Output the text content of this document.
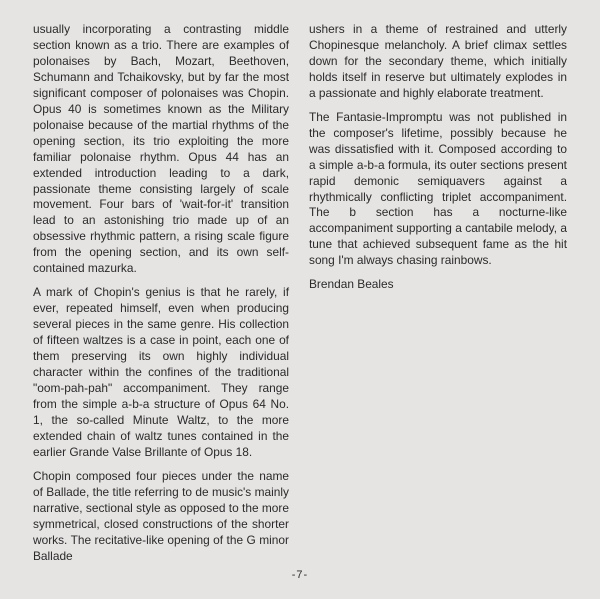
usually incorporating a contrasting middle section known as a trio. There are examples of polonaises by Bach, Mozart, Beethoven, Schumann and Tchaikovsky, but by far the most significant composer of polonaises was Chopin. Opus 40 is sometimes known as the Military polonaise because of the martial rhythms of the opening section, its trio exploiting the more familiar polonaise rhythm. Opus 44 has an extended introduction leading to a dark, passionate theme consisting largely of scale movement. Four bars of 'wait-for-it' transition lead to an astonishing trio made up of an obsessive rhythmic pattern, a rising scale figure from the opening section, and its own self-contained mazurka.

A mark of Chopin's genius is that he rarely, if ever, repeated himself, even when producing several pieces in the same genre. His collection of fifteen waltzes is a case in point, each one of them preserving its own highly individual character within the confines of the traditional "oom-pah-pah" accompaniment. They range from the simple a-b-a structure of Opus 64 No. 1, the so-called Minute Waltz, to the more extended chain of waltz tunes contained in the earlier Grande Valse Brillante of Opus 18.

Chopin composed four pieces under the name of Ballade, the title referring to de music's mainly narrative, sectional style as opposed to the more symmetrical, closed constructions of the shorter works. The recitative-like opening of the G minor Ballade

ushers in a theme of restrained and utterly Chopinesque melancholy. A brief climax settles down for the secondary theme, which initially holds itself in reserve but ultimately explodes in a passionate and highly elaborate treatment.

The Fantasie-Impromptu was not published in the composer's lifetime, possibly because he was dissatisfied with it. Composed according to a simple a-b-a formula, its outer sections present rapid demonic semiquavers against a rhythmically conflicting triplet accompaniment. The b section has a nocturne-like accompaniment supporting a cantabile melody, a tune that achieved subsequent fame as the hit song I'm always chasing rainbows.

Brendan Beales

-7-
